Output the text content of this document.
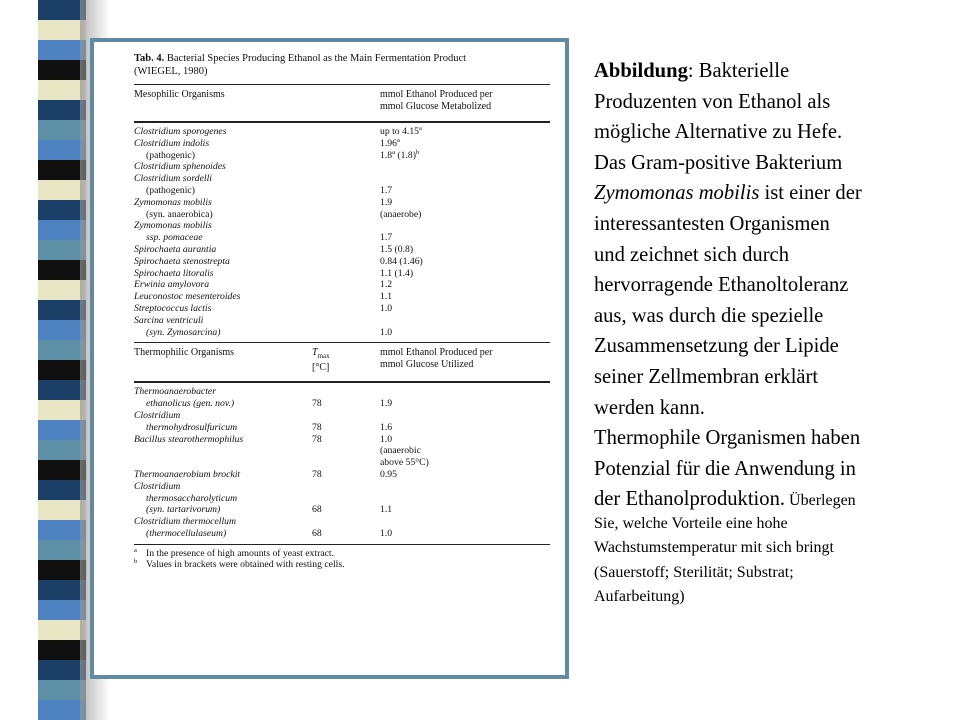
Tab. 4. Bacterial Species Producing Ethanol as the Main Fermentation Product
(WIEGEL, 1980)
Mesophilic Organisms	mmol Ethanol Produced per
mmol Glucose Metabolized
Clostridium sporogenes	up to 4.15$^a$
Clostridium indolis	1.96$^a$
(pathogenic)	1.8$^a$ $(1.8)^b$
Clostridium sphenoides
Clostridium sordelli
(pathogenic)	1.7
Zymomonas mobilis	1.9
(syn. anaerobica)	(anaerobe)
Zymomonas mobilis
ssp. pomaceae	1.7
Spirochaeta aurantia	1.5 (0.8)
Spirochaeta stenostrepta	0.84 (1.46)
Spirochaeta litoralis	1.1 (1.4)
Erwinia amylovora	1.2
Leuconostoc mesenteroides	1.1
Streptococcus lactis	1.0
Sarcina ventriculi
(syn. Zymosarcina)	1.0
Thermophilic Organisms	$T_{max}$
[°C]
mmol Ethanol Produced per
mmol Glucose Utilized
Thermoanaerobacter
ethanolicus (gen. nov.)	78	1.9
Clostridium
thermohydrosulfuricum	78	1.6
Bacillus stearothermophilus	78	1.0
(anaerobic
above 55°C)
Thermoanaerobium brockit	78	0.95
Clostridium
thermosaccharolyticum
(syn. tartarivorum)	68	1.1
Clostridium thermocellum
(thermocellulaseum)	68	1.0
a In the presence of high amounts of yeast extract.
b Values in brackets were obtained with resting cells.
Abbildung: Bakterielle
Produzenten von Ethanol als
mögliche Alternative zu Hefe.
Das Gram-positive Bakterium
Zymomonas mobilis ist einer der
interessantesten Organismen
und zeichnet sich durch
hervorragende Ethanoltoleranz
aus, was durch die spezielle
Zusammensetzung der Lipide
seiner Zellmembran erklärt
werden kann.
Thermophile Organismen haben
Potenzial für die Anwendung in
der Ethanolproduktion. Überlegen
Sie, welche Vorteile eine hohe
Wachstumstemperatur mit sich bringt
(Sauerstoff; Sterilität; Substrat;
Aufarbeitung)
